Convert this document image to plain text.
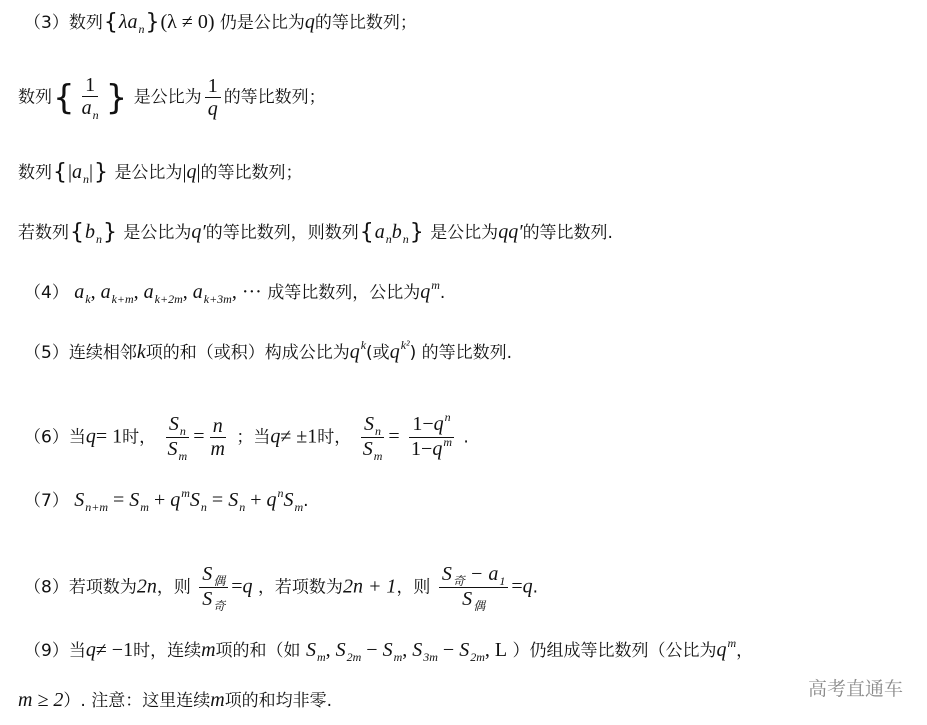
（3）数列$\{\lambda a_n\}(\lambda \ne 0)$ 仍是公比为q的等比数列；
数列{ $\frac{1}{a_n}$ } 是公比为 $\frac{1}{q}$ 的等比数列；
数列$\{|a_n|\}$ 是公比为|q|的等比数列；
若数列$\{b_n\}$ 是公比为q′的等比数列，则数列$\{a_nb_n\}$ 是公比为qq′的等比数列.
（4） $a_k$, $a_{k+m}$, $a_{k+2m}$, $a_{k+3m}$, ··· 成等比数列，公比为$q^m$.
（5）连续相邻k项的和（或积）构成公比为$q^k$(或$q^{k^2}$) 的等比数列.
（6）当q= 1时， $\frac{S_n}{S_m} = \frac{n}{m}$ ；当q≠ ±1时， $\frac{S_n}{S_m} = \frac{1-q^n}{1-q^m}$ .
（7） $S_{n+m} = S_m + q^mS_n = S_n + q^nS_m$.
（8）若项数为2n，则 $\frac{S_偶}{S_奇} =q$ ，若项数为2n + 1，则 $\frac{S_奇 - a_1}{S_偶} =q$.
（9）当q≠ −1时，连续m项的和（如 $S_m$, $S_{2m} - S_m$, $S_{3m} - S_{2m}$, L ）仍组成等比数列（公比为$q^m$，
m ≥ 2）. 注意：这里连续m项的和均非零.
高考直通车
